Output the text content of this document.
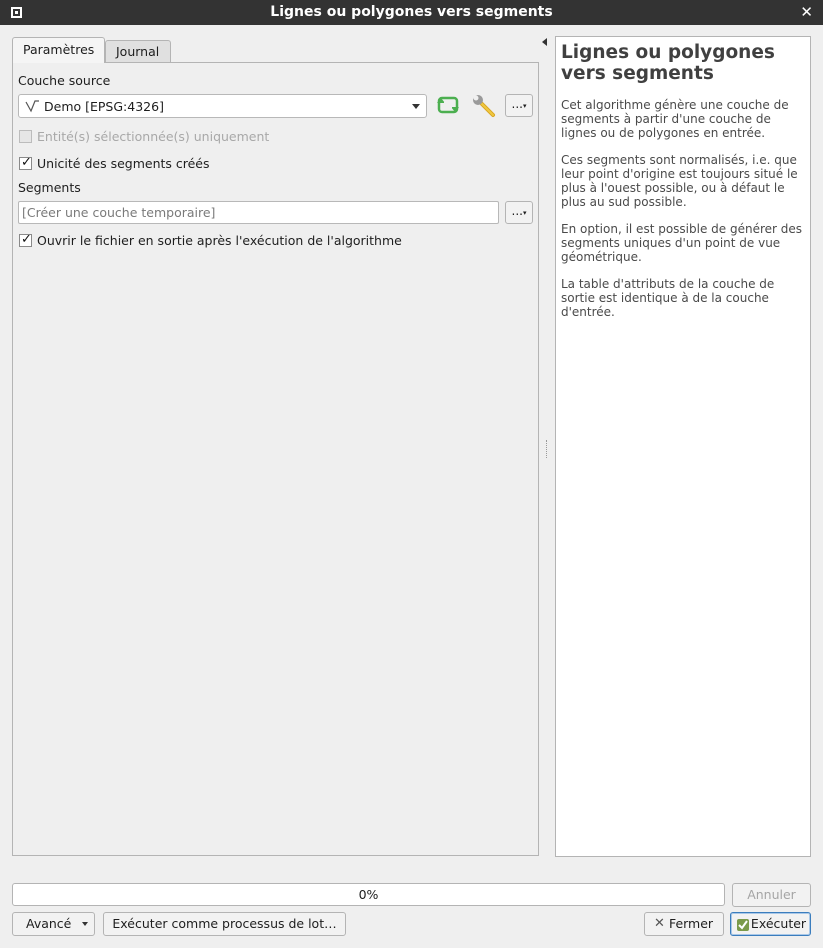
Lignes ou polygones vers segments	✕
Paramètres	Journal
Couche source
Demo [EPSG:4326]	...▾
Entité(s) sélectionnée(s) uniquement
✓
Unicité des segments créés
Segments
[Créer une couche temporaire]	...▾
✓
Ouvrir le fichier en sortie après l'exécution de l'algorithme
Lignes ou polygones vers segments

Cet algorithme génère une couche de segments à partir d'une couche de lignes ou de polygones en entrée.

Ces segments sont normalisés, i.e. que leur point d'origine est toujours situé le plus à l'ouest possible, ou à défaut le plus au sud possible.

En option, il est possible de générer des segments uniques d'un point de vue géométrique.

La table d'attributs de la couche de sortie est identique à de la couche d'entrée.

0%	Annuler
Avancé	Exécuter comme processus de lot…	✕ Fermer	Exécuter
